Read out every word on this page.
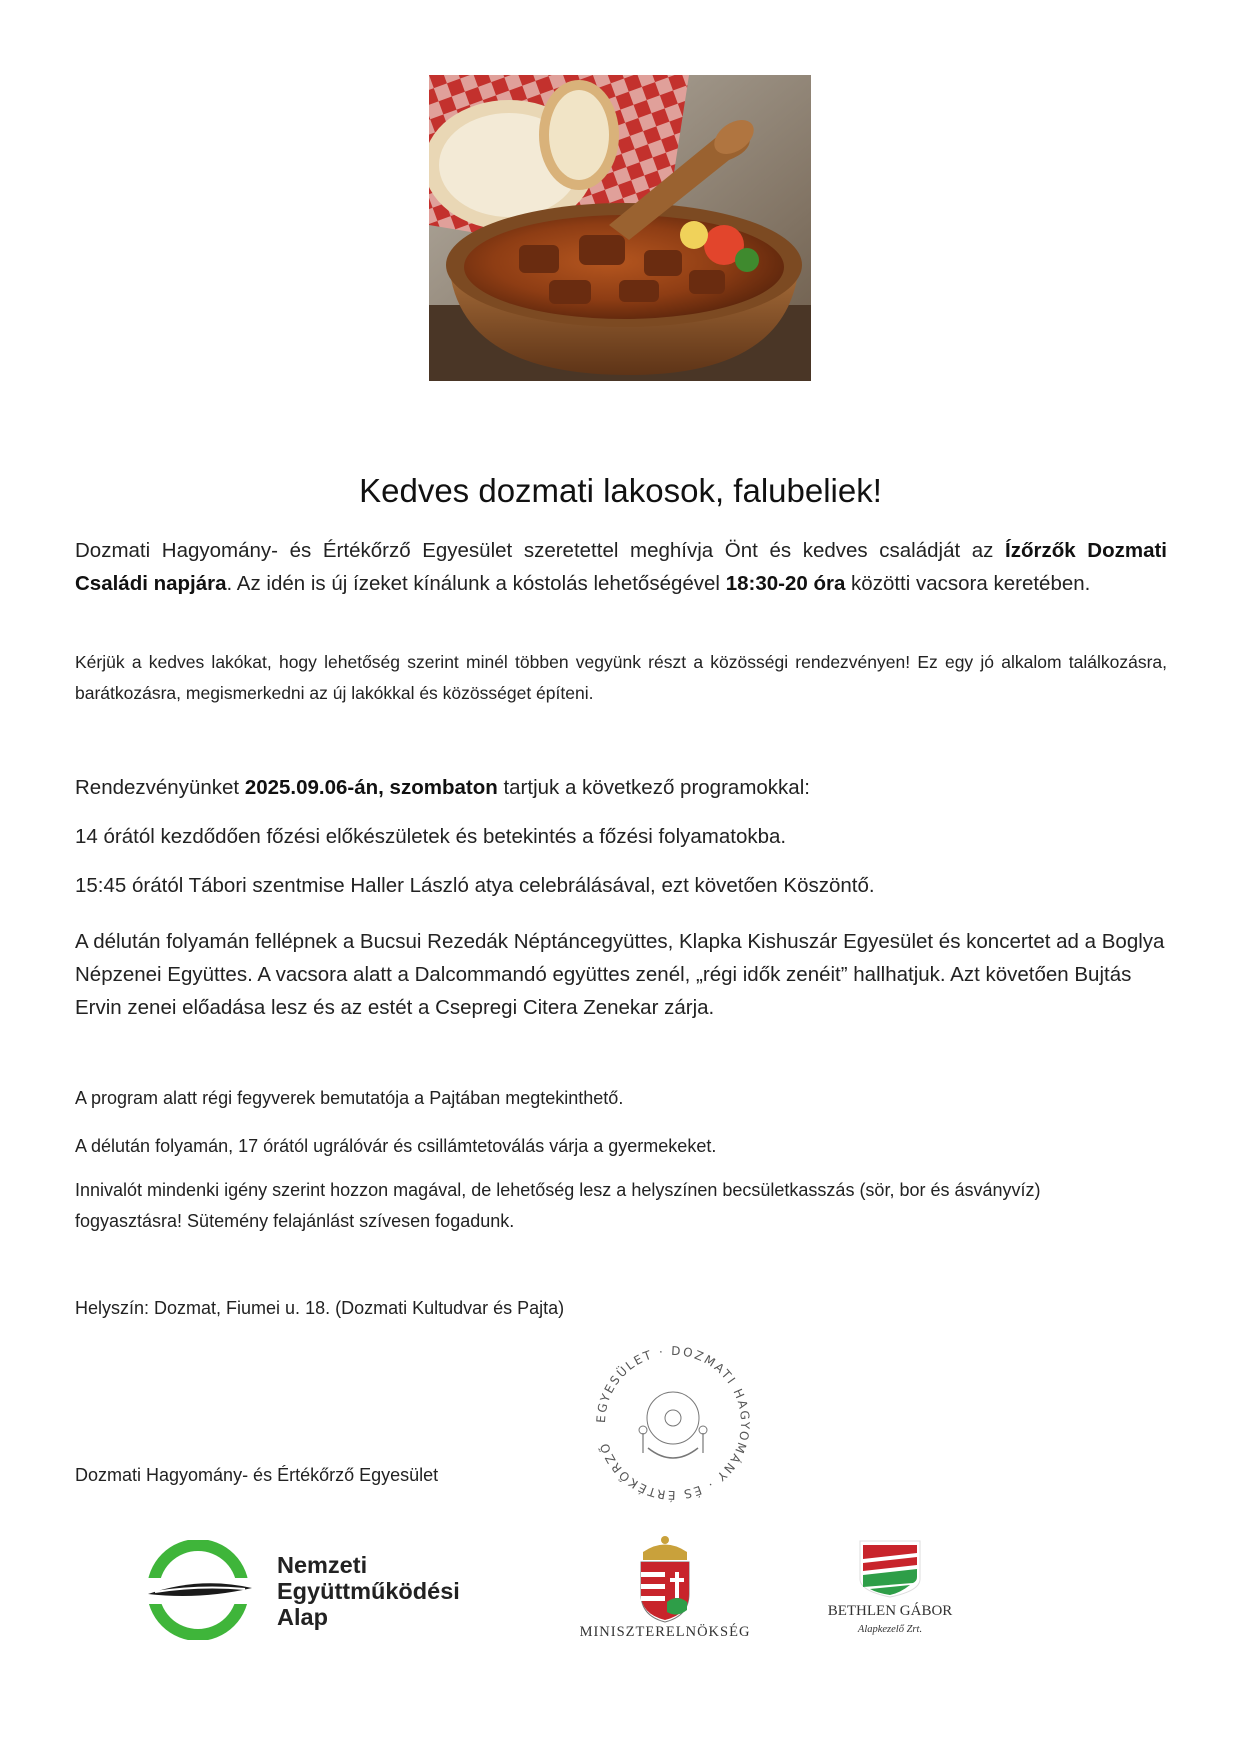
Kedves dozmati lakosok, falubeliek!

Dozmati Hagyomány- és Értékőrző Egyesület szeretettel meghívja Önt és kedves családját az Ízőrzők Dozmati Családi napjára. Az idén is új ízeket kínálunk a kóstolás lehetőségével 18:30-20 óra közötti vacsora keretében.

Kérjük a kedves lakókat, hogy lehetőség szerint minél többen vegyünk részt a közösségi rendezvényen! Ez egy jó alkalom találkozásra, barátkozásra, megismerkedni az új lakókkal és közösséget építeni.

Rendezvényünket 2025.09.06-án, szombaton tartjuk a következő programokkal:

14 órától kezdődően főzési előkészületek és betekintés a főzési folyamatokba.

15:45 órától Tábori szentmise Haller László atya celebrálásával, ezt követően Köszöntő.

A délután folyamán fellépnek a Bucsui Rezedák Néptáncegyüttes, Klapka Kishuszár Egyesület és koncertet ad a Boglya Népzenei Együttes. A vacsora alatt a Dalcommandó együttes zenél, „régi idők zenéit” hallhatjuk. Azt követően Bujtás Ervin zenei előadása lesz és az estét a Csepregi Citera Zenekar zárja.

A program alatt régi fegyverek bemutatója a Pajtában megtekinthető.

A délután folyamán, 17 órától ugrálóvár és csillámtetoválás várja a gyermekeket.

Innivalót mindenki igény szerint hozzon magával, de lehetőség lesz a helyszínen becsületkasszás (sör, bor és ásványvíz) fogyasztásra! Sütemény felajánlást szívesen fogadunk.

Helyszín: Dozmat, Fiumei u. 18. (Dozmati Kultudvar és Pajta)

EGYESÜLET · DOZMATI HAGYOMÁNY · ÉS ÉRTÉKŐRZŐ

Dozmati Hagyomány- és Értékőrző Egyesület

Nemzeti
Együttműködési
Alap
MINISZTERELNÖKSÉG
BETHLEN GÁBOR
Alapkezelő Zrt.
